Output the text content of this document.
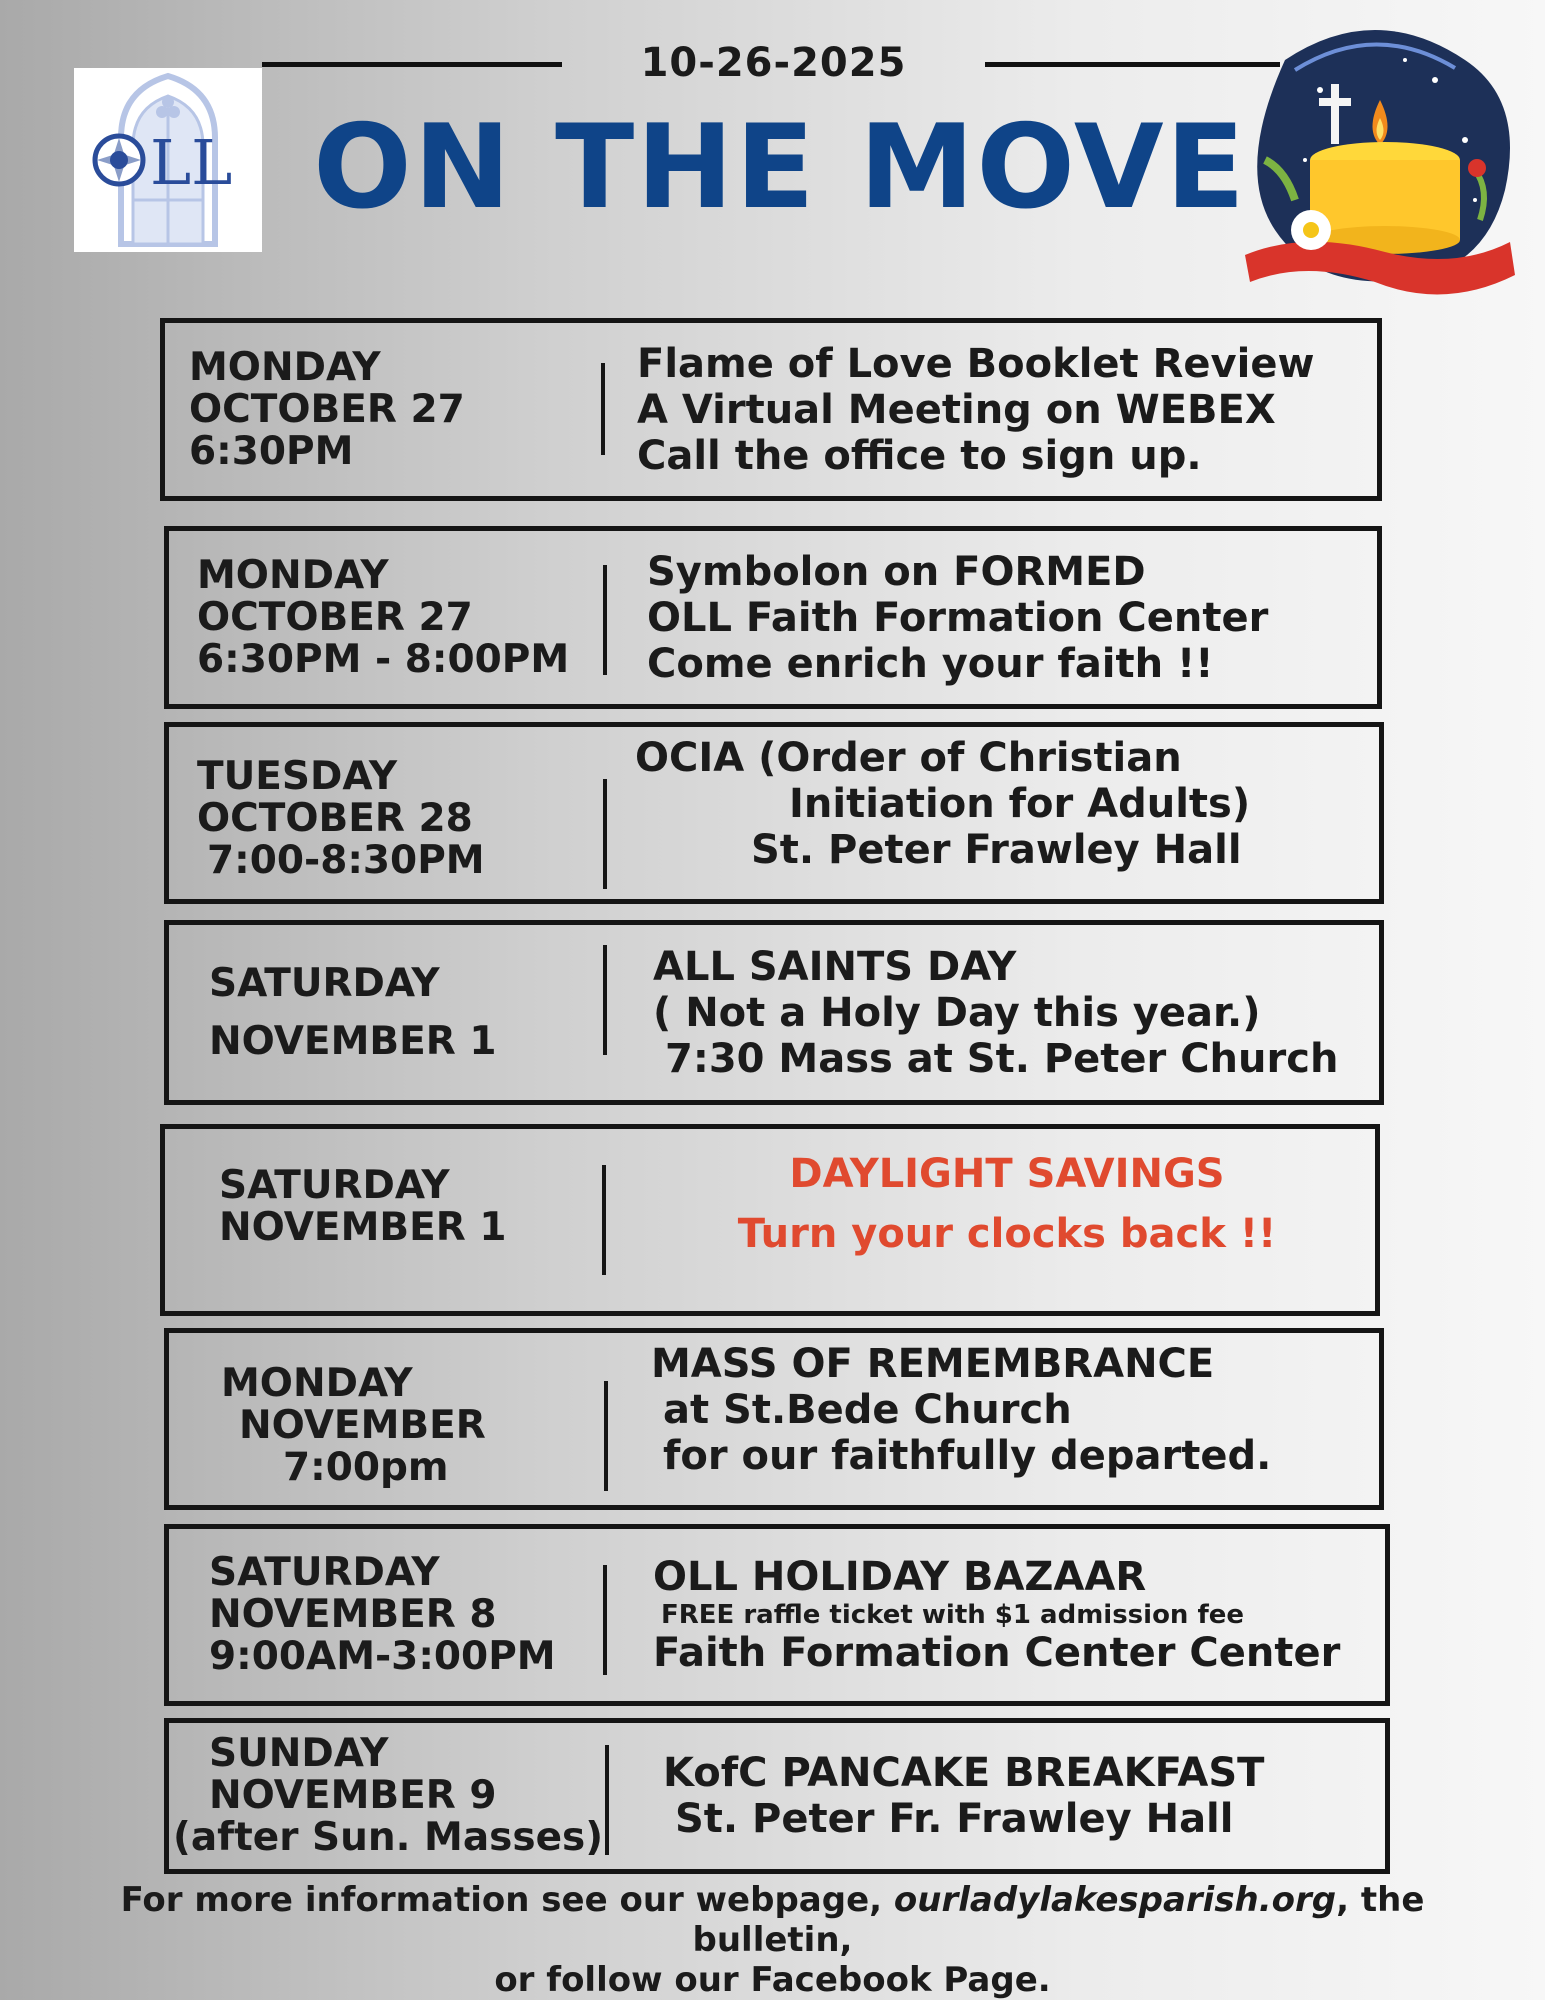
LL
10-26-2025
ON THE MOVE
MONDAY
OCTOBER 27
6:30PM
Flame of Love Booklet Review
A Virtual Meeting on WEBEX
Call the office to sign up.
MONDAY
OCTOBER 27
6:30PM - 8:00PM
Symbolon on FORMED
OLL Faith Formation Center
Come enrich your faith !!
TUESDAY
OCTOBER 28
7:00-8:30PM
OCIA (Order of Christian
Initiation for Adults)
St. Peter Frawley Hall
SATURDAY
NOVEMBER 1
ALL SAINTS DAY
( Not a Holy Day this year.)
7:30 Mass at St. Peter Church
SATURDAY
NOVEMBER 1
DAYLIGHT SAVINGS
Turn your clocks back !!
MONDAY
NOVEMBER
7:00pm
MASS OF REMEMBRANCE
at St.Bede Church
for our faithfully departed.
SATURDAY
NOVEMBER 8
9:00AM-3:00PM
OLL HOLIDAY BAZAAR
FREE raffle ticket with $1 admission fee
Faith Formation Center Center
SUNDAY
NOVEMBER 9
(after Sun. Masses)
KofC PANCAKE BREAKFAST
St. Peter Fr. Frawley Hall
For more information see our webpage, ourladylakesparish.org, the bulletin,
or follow our Facebook Page.
